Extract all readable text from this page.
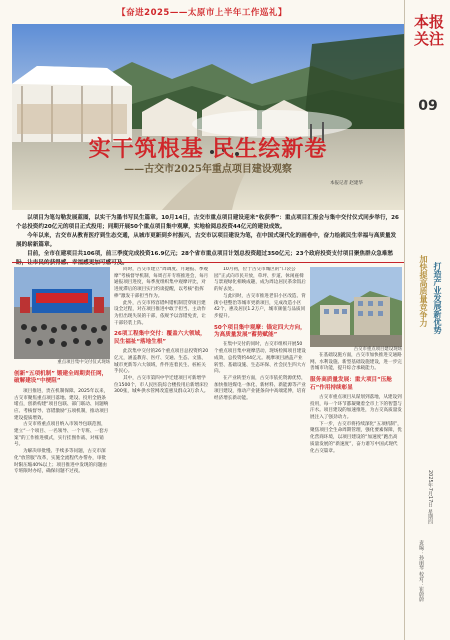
【奋进2025——太原市上半年工作巡礼】
实干筑根基 民生绘新卷
——古交市2025年重点项目建设观察
本报记者 赵建华

以项目为笔勾勒发展蓝图，以实干为墨书写民生篇章。10月14日，古交市重点项目建设迎来“收获季”：重点项目汇报会与集中交付仪式同步举行，26个总投资约20亿元的项目正式投用；同期开展50个重点项目集中观摩，实地检阅总投资44亿元的建设成效。

今年以来，古交市从教育医疗到生态交通，从城市更新到乡村振兴，古交市以项目建设为笔，在中国式现代化的画卷中，奋力绘就民生幸福与高质量发展的崭新篇章。

目前，全市在建项目共106项，前三季度完成投资16.9亿元；28个省市重点项目计划总投资超过350亿元；23个政府投资支付项目聚焦群众急难愁

重点项目集中交付仪式现场
创新“五项机制” 锻建全周期责任网，破解建设“中梗阻”

项目推进，贵在机制保障。2025年以来，古交市聚焦重点项目落地、建设、投用全链条堵点，创新构建“项目包联、部门联动、问题响应、考核督导、容错激励“五项机制，推动项目建设提质增效。

古交市将重点项目纳入市领导包联范围，建立“一个项目、一名领导、一个专班、一套方案”的工作推进模式，实行挂图作战、对账销号。

为解决审批慢、手续多等问题，古交市深化“放管服”改革，实施全流程代办帮办，审批时限压缩40%以上；项目推进中发现的问题由专班限时办结，确保问题不过夜。

同时，古交市建立“周调度、月通报、季观摩”考核督导机制，每周召开专班推进会，每月通报项目进度，每季度组织集中观摩评比，对进度滞后的项目实行约谈提醒，以考核“指挥棒”激发干部担当作为。

此外，古交市将容错纠错机制贯穿项目建设全过程，对在项目推进中敢于担当、主动作为但出现失误的干部，依规予以容错免责，让干部轻装上阵。

26项工程集中交付：覆盖六大领域，民生福祉“落地生根”

此次集中交付的26个重点项目总投资约20亿元，涵盖教育、医疗、交通、生态、文旅、城市更新等六大领域，件件连着民生、桩桩关乎民心。

其中，古交市第四中学迁建项目可新增学位1500个，市人民医院综合楼投用后新增床位300张，城乡供水管网改造惠及群众3万余人。

10月初，位于古交市城区的“口袋公园”正式向市民开放，草坪、步道、休闲座椅与景观绿化相映成趣，成为周边居民茶余饭后的好去处。

与此同时，古交市推进老旧小区改造、背街小巷整治等城市更新项目，完成改造小区42个，惠及居民1.2万户，城市颜值与品质同步提升。

50个项目集中观摩：锚定四大方向，为高质量发展“蓄势赋能”

在集中交付的同时，古交市组织开展50个重点项目集中观摩活动，现场检阅项目建设成效，总投资约44亿元。观摩项目涵盖产业转型、基础设施、生态环保、社会民生四大方向。

在产业转型方面，古交市依托资源优势，加快推进煤电一体化、新材料、新能源等产业项目建设，推动产业链条向中高端延伸，培育经济增长新动能。

古交市重点项目建设现场

在基础设施方面，古交市加快推进交通路网、水利设施、新型基础设施建设，进一步完善城市功能，提升综合承载能力。

服务高质量发展：重大项目“压舱石”作用持续彰显

古交市重点项目从谋划到落地，从建设到投用，每一个环节都凝聚着全市上下的智慧与汗水。项目建设的加速推进，为古交高质量发展注入了强劲动力。

下一步，古交市将持续深化“五项机制”，聚焦项目全生命周期管理，强化要素保障，优化营商环境，以项目建设的“加速度”跑出高质量发展的“新速度”，奋力谱写中国式现代化古交篇章。

本报关注
09
加快提高质量竞争力 打造产业发展新优势
2025年7月17日 星期四
责编：孙丽琴 校对：崔蔚蔚
